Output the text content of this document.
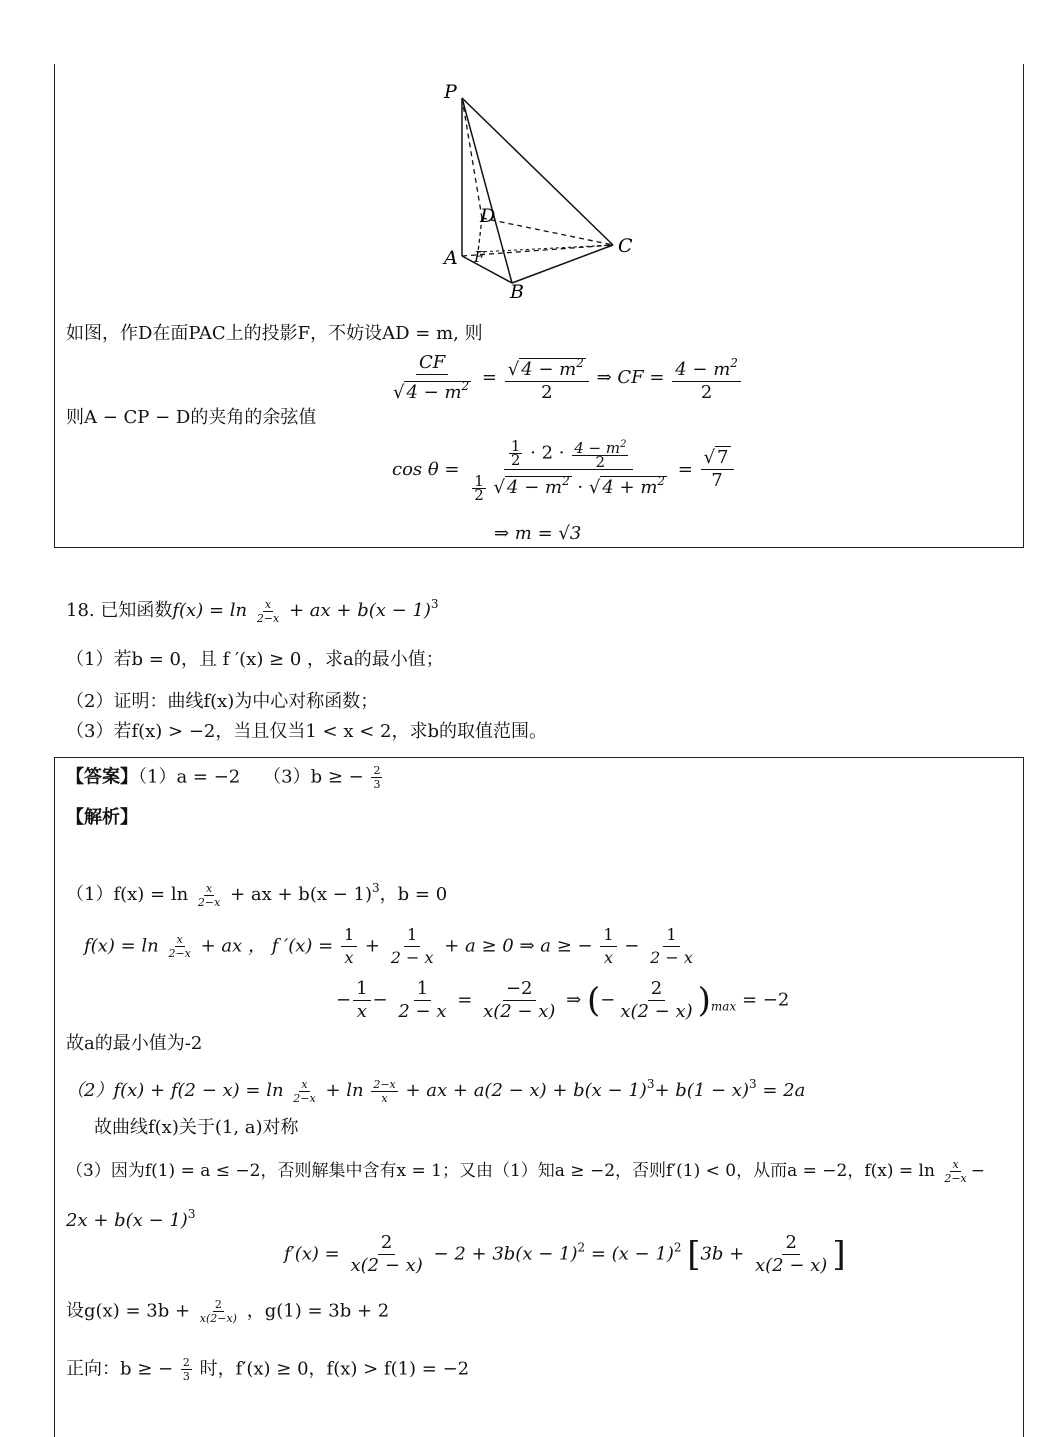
P
D
A F
B
C
如图，作D在面PAC上的投影F，不妨设AD = m, 则
$\frac{CF}{√ 4 - m^2} = \frac{√ 4 - m^2}{2}$ ⇒ CF = $\frac{4 - m^2}{2}$
则A − CP − D的夹角的余弦值
$\cos \theta = \frac{\frac{1}{2} \cdot 2 \cdot \frac{4 - m^2}{2}}{\frac{1}{2} √ 4 - m^2 \cdot √ 4 + m^2} = \frac{√ 7}{7}$
⇒ m = √3
18. 已知函数$f(x) = \ln \frac{x}{2-x}$ + ax + $b(x - 1)^3$
（1）若b = 0，且 f ′(x) ≥ 0 ，求a的最小值；
（2）证明：曲线f(x)为中心对称函数；
（3）若f(x) > −2，当且仅当1 < x < 2，求b的取值范围。
【答案】（1）a = −2 （3）b ≥ − $\frac{2}{3}$
【解析】
$(1)f(x) = \ln \frac{x}{2-x}$ + ax + $b(x - 1)^3$，b = 0
$f(x) = \ln \frac{x}{2-x}$ + ax ， f $'(x) = \frac{1}{x} + \frac{1}{2 - x} + a \ge 0$ ⇒ a ≥ − $\frac{1}{x} - \frac{1}{2 - x}$
− $\frac{1}{x} - \frac{1}{2 - x} = \frac{-2}{x(2 - x)}$ ⇒ (− $\frac{2}{x(2 - x)} )_{max} = -2$
故a的最小值为-2
$(2)f(x) + f(2 - x) = \ln \frac{x}{2-x} + \ln \frac{2-x}{x}$ + ax + $a(2 - x) + b(x - 1)^3+ b(1 - x)^3 = 2a$
故曲线f(x)关于(1, a)对称
（3）因为f(1) = a ≤ −2，否则解集中含有x = 1；又由（1）知a ≥ −2，否则f′(1) < 0，从而a = −2，$f(x) = \ln \frac{x}{2-x}$ −
$2x + b(x - 1)^3$
$f'(x) = \frac{2}{x(2 - x)} - 2 + 3b(x - 1)^2 = (x - 1)^2$ [$3b + \frac{2}{x(2 - x)}$ ]
设$g(x) = 3b + \frac{2}{x(2-x)}$ ，g(1) = 3b + 2
正向：b ≥ − $\frac{2}{3}$ 时，f′(x) ≥ 0，f(x) > f(1) = −2
